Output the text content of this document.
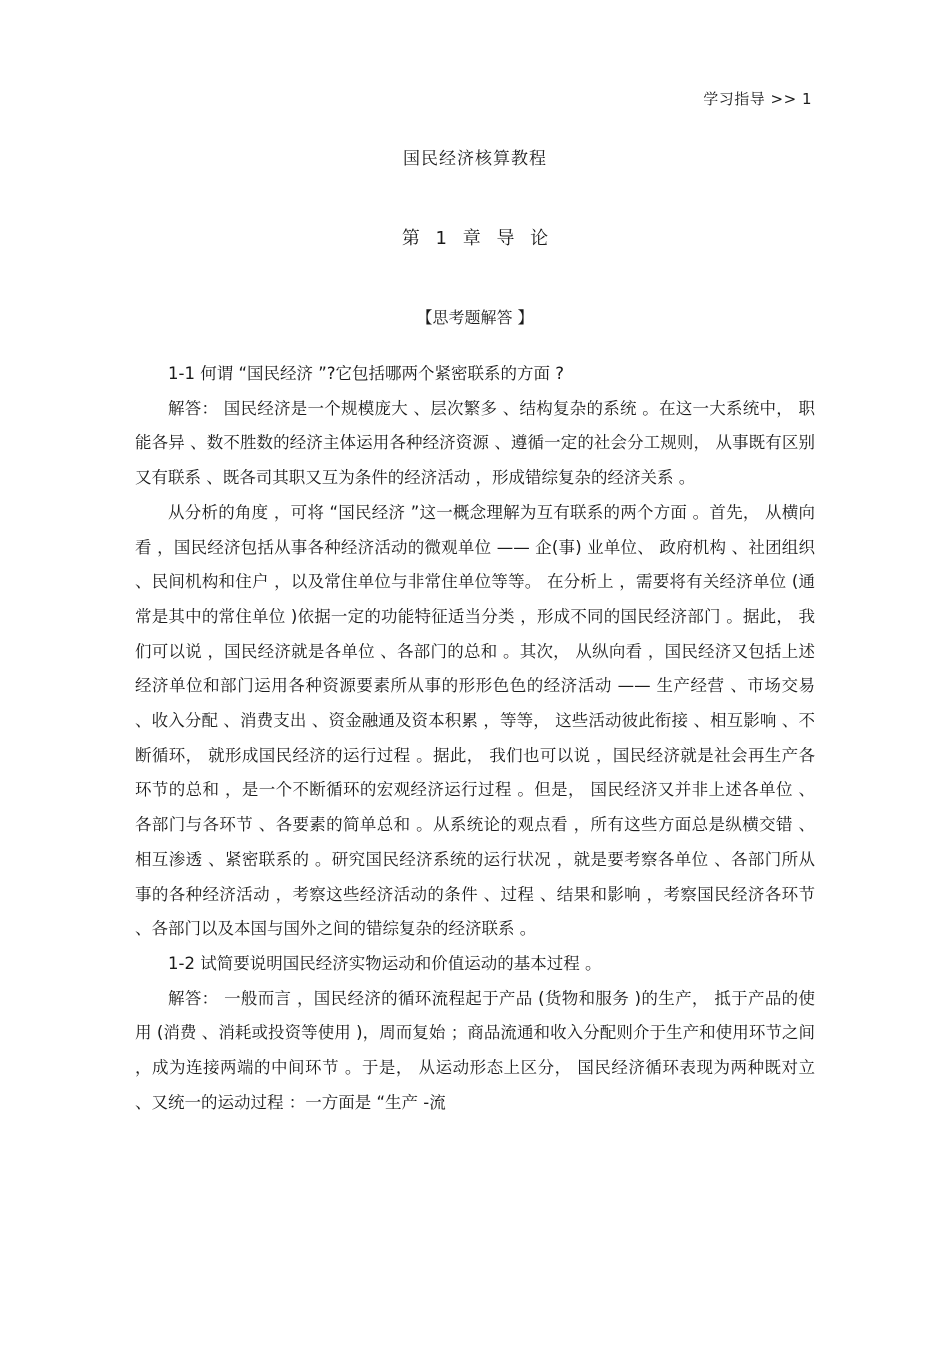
学习指导 >> 1
国民经济核算教程
第 1 章 导 论
【思考题解答 】

1-1 何谓 “国民经济 ”?它包括哪两个紧密联系的方面 ?

解答： 国民经济是一个规模庞大 、层次繁多 、结构复杂的系统 。在这一大系统中， 职能各异 、数不胜数的经济主体运用各种经济资源 、遵循一定的社会分工规则， 从事既有区别又有联系 、既各司其职又互为条件的经济活动 ，形成错综复杂的经济关系 。

从分析的角度 ，可将 “国民经济 ”这一概念理解为互有联系的两个方面 。首先， 从横向看 ，国民经济包括从事各种经济活动的微观单位 —— 企(事) 业单位、 政府机构 、社团组织 、民间机构和住户 ，以及常住单位与非常住单位等等。 在分析上 ，需要将有关经济单位 (通常是其中的常住单位 )依据一定的功能特征适当分类 ，形成不同的国民经济部门 。据此， 我们可以说 ，国民经济就是各单位 、各部门的总和 。其次， 从纵向看 ，国民经济又包括上述经济单位和部门运用各种资源要素所从事的形形色色的经济活动 —— 生产经营 、市场交易 、收入分配 、消费支出 、资金融通及资本积累 ，等等， 这些活动彼此衔接 、相互影响 、不断循环， 就形成国民经济的运行过程 。据此， 我们也可以说 ，国民经济就是社会再生产各环节的总和 ，是一个不断循环的宏观经济运行过程 。但是， 国民经济又并非上述各单位 、各部门与各环节 、各要素的简单总和 。从系统论的观点看 ，所有这些方面总是纵横交错 、相互渗透 、紧密联系的 。研究国民经济系统的运行状况 ，就是要考察各单位 、各部门所从事的各种经济活动 ，考察这些经济活动的条件 、过程 、结果和影响 ，考察国民经济各环节 、各部门以及本国与国外之间的错综复杂的经济联系 。

1-2 试简要说明国民经济实物运动和价值运动的基本过程 。

解答： 一般而言 ，国民经济的循环流程起于产品 (货物和服务 )的生产， 抵于产品的使用 (消费 、消耗或投资等使用 )，周而复始 ；商品流通和收入分配则介于生产和使用环节之间 ，成为连接两端的中间环节 。于是， 从运动形态上区分， 国民经济循环表现为两种既对立 、又统一的运动过程 ：一方面是 “生产 -流
